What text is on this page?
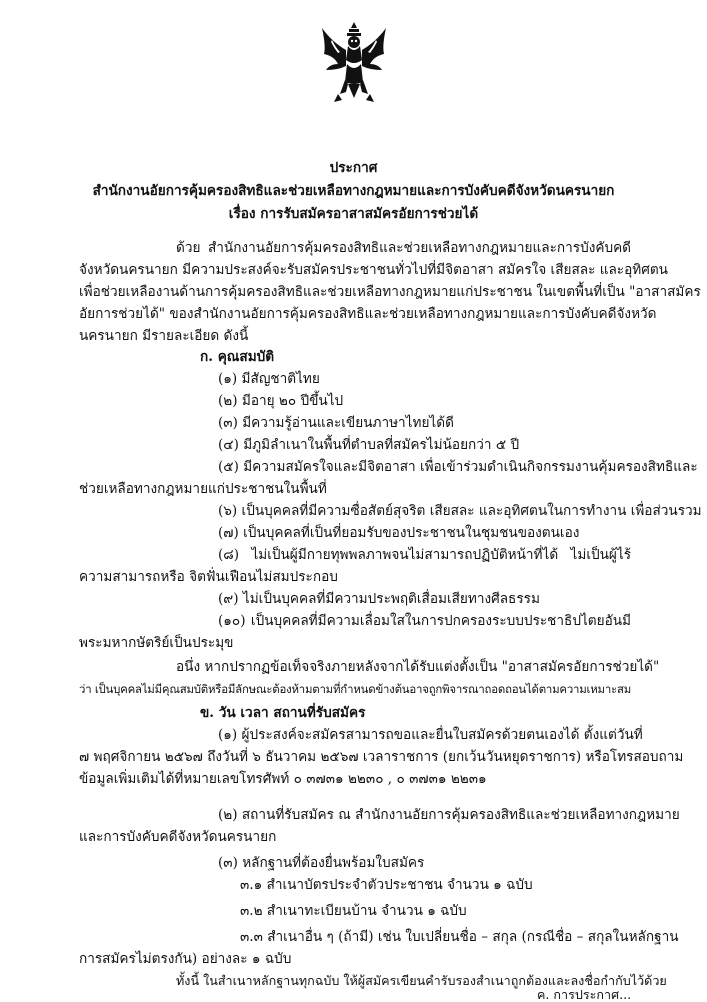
ประกาศ
สำนักงานอัยการคุ้มครองสิทธิและช่วยเหลือทางกฎหมายและการบังคับคดีจังหวัดนครนายก
เรื่อง การรับสมัครอาสาสมัครอัยการช่วยได้
ด้วย สำนักงานอัยการคุ้มครองสิทธิและช่วยเหลือทางกฎหมายและการบังคับคดี
จังหวัดนครนายก มีความประสงค์จะรับสมัครประชาชนทั่วไปที่มีจิตอาสา สมัครใจ เสียสละ และอุทิศตน
เพื่อช่วยเหลืองานด้านการคุ้มครองสิทธิและช่วยเหลือทางกฎหมายแก่ประชาชน ในเขตพื้นที่เป็น "อาสาสมัคร
อัยการช่วยได้" ของสำนักงานอัยการคุ้มครองสิทธิและช่วยเหลือทางกฎหมายและการบังคับคดีจังหวัด
นครนายก มีรายละเอียด ดังนี้
ก. คุณสมบัติ
(๑) มีสัญชาติไทย
(๒) มีอายุ ๒๐ ปีขึ้นไป
(๓) มีความรู้อ่านและเขียนภาษาไทยได้ดี
(๔) มีภูมิลำเนาในพื้นที่ตำบลที่สมัครไม่น้อยกว่า ๕ ปี
(๕) มีความสมัครใจและมีจิตอาสา เพื่อเข้าร่วมดำเนินกิจกรรมงานคุ้มครองสิทธิและ
ช่วยเหลือทางกฎหมายแก่ประชาชนในพื้นที่
(๖) เป็นบุคคลที่มีความซื่อสัตย์สุจริต เสียสละ และอุทิศตนในการทำงาน เพื่อส่วนรวม
(๗) เป็นบุคคลที่เป็นที่ยอมรับของประชาชนในชุมชนของตนเอง
(๘) ไม่เป็นผู้มีกายทุพพลภาพจนไม่สามารถปฏิบัติหน้าที่ได้ ไม่เป็นผู้ไร้
ความสามารถหรือ จิตฟั่นเฟือนไม่สมประกอบ
(๙) ไม่เป็นบุคคลที่มีความประพฤติเสื่อมเสียทางศีลธรรม
(๑๐) เป็นบุคคลที่มีความเลื่อมใสในการปกครองระบบประชาธิปไตยอันมี
พระมหากษัตริย์เป็นประมุข
อนึ่ง หากปรากฏข้อเท็จจริงภายหลังจากได้รับแต่งตั้งเป็น "อาสาสมัครอัยการช่วยได้"
ว่า เป็นบุคคลไม่มีคุณสมบัติหรือมีลักษณะต้องห้ามตามที่กำหนดข้างต้นอาจถูกพิจารณาถอดถอนได้ตามความเหมาะสม
ข. วัน เวลา สถานที่รับสมัคร
(๑) ผู้ประสงค์จะสมัครสามารถขอและยื่นใบสมัครด้วยตนเองได้ ตั้งแต่วันที่
๗ พฤศจิกายน ๒๕๖๗ ถึงวันที่ ๖ ธันวาคม ๒๕๖๗ เวลาราชการ (ยกเว้นวันหยุดราชการ) หรือโทรสอบถาม
ข้อมูลเพิ่มเติมได้ที่หมายเลขโทรศัพท์ ๐ ๓๗๓๑ ๒๒๓๐ , ๐ ๓๗๓๑ ๒๒๓๑
(๒) สถานที่รับสมัคร ณ สำนักงานอัยการคุ้มครองสิทธิและช่วยเหลือทางกฎหมาย
และการบังคับคดีจังหวัดนครนายก
(๓) หลักฐานที่ต้องยื่นพร้อมใบสมัคร
๓.๑ สำเนาบัตรประจำตัวประชาชน จำนวน ๑ ฉบับ
๓.๒ สำเนาทะเบียนบ้าน จำนวน ๑ ฉบับ
๓.๓ สำเนาอื่น ๆ (ถ้ามี) เช่น ใบเปลี่ยนชื่อ – สกุล (กรณีชื่อ – สกุลในหลักฐาน
การสมัครไม่ตรงกัน) อย่างละ ๑ ฉบับ
ทั้งนี้ ในสำเนาหลักฐานทุกฉบับ ให้ผู้สมัครเขียนคำรับรองสำเนาถูกต้องและลงชื่อกำกับไว้ด้วย
ค. การประกาศ...
